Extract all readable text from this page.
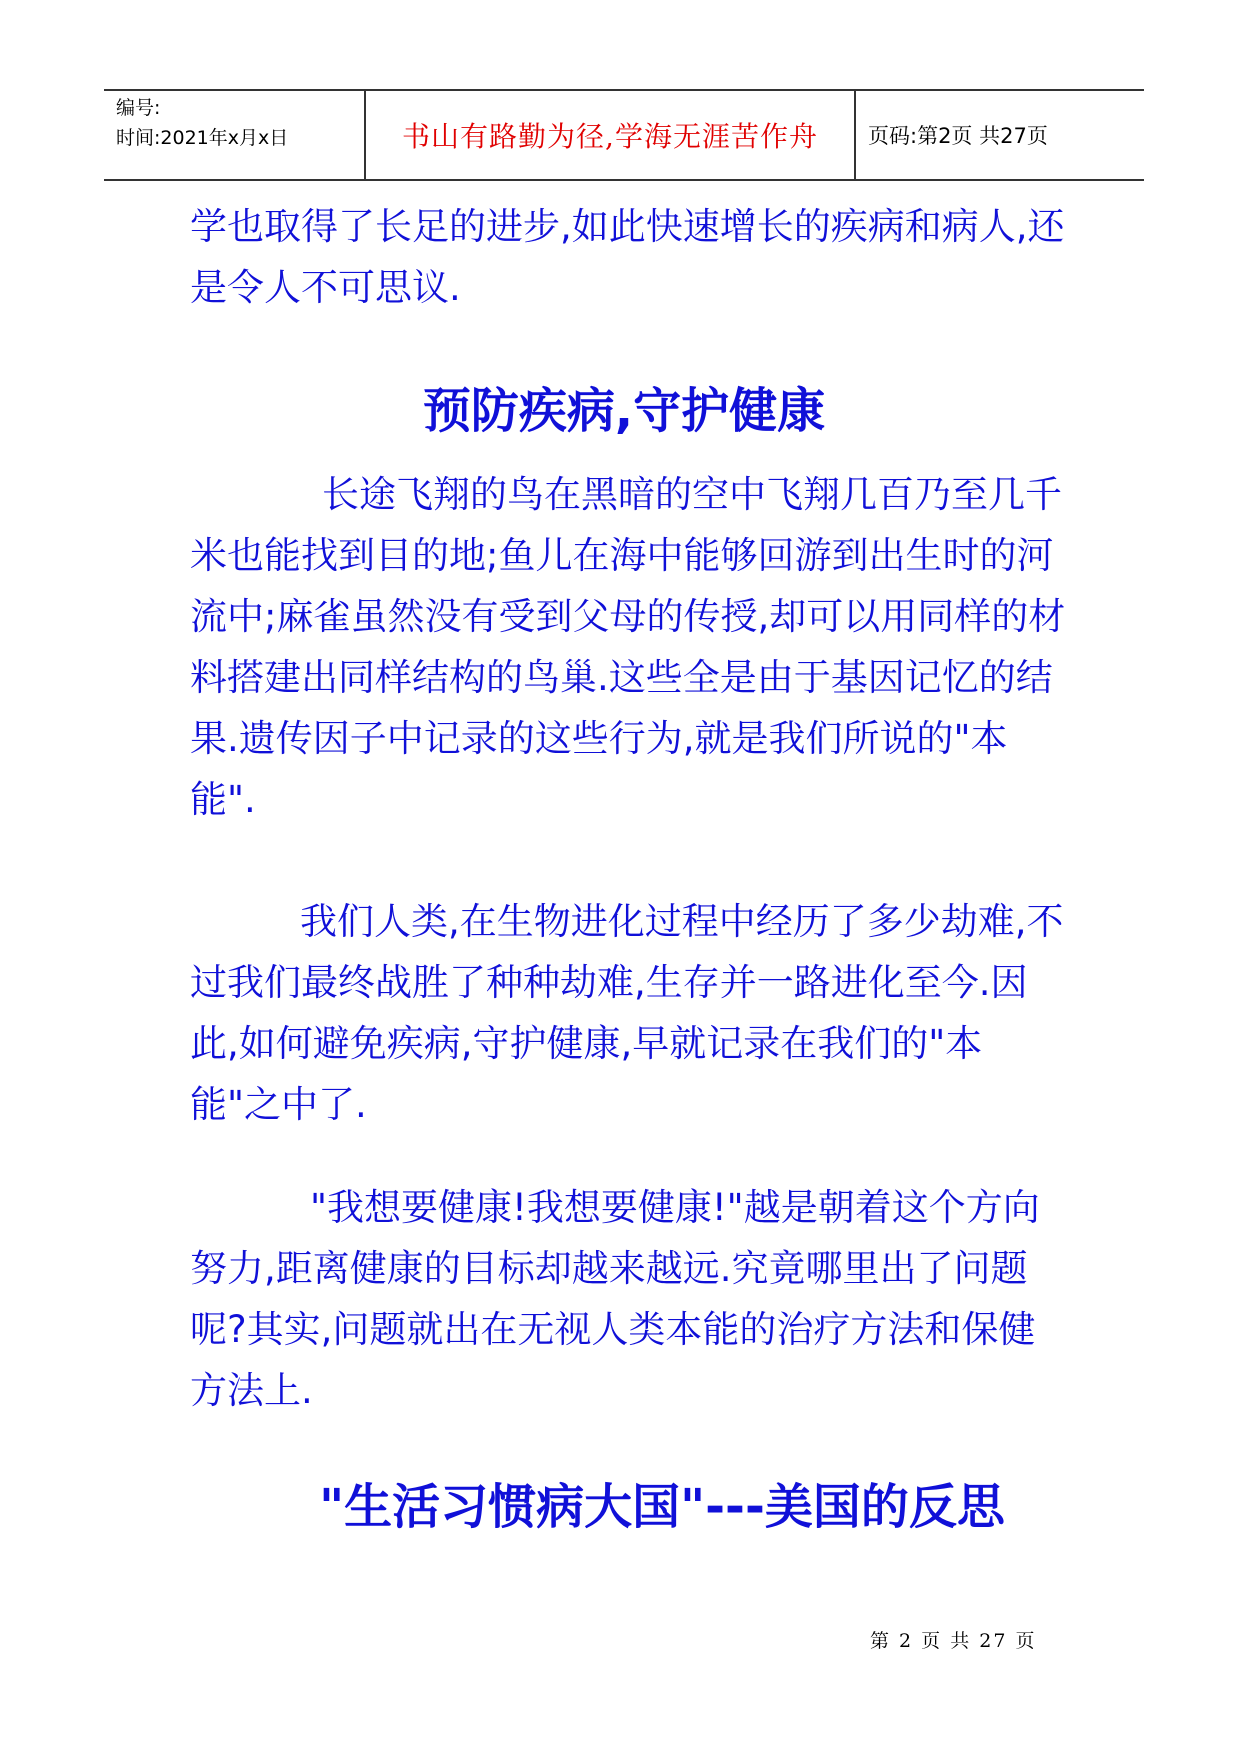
编号:
时间:2021年x月x日	书山有路勤为径,学海无涯苦作舟	页码:第2页 共27页

学也取得了长足的进步,如此快速增长的疾病和病人,还是令人不可思议.

预防疾病,守护健康

长途飞翔的鸟在黑暗的空中飞翔几百乃至几千米也能找到目的地;鱼儿在海中能够回游到出生时的河流中;麻雀虽然没有受到父母的传授,却可以用同样的材料搭建出同样结构的鸟巢.这些全是由于基因记忆的结果.遗传因子中记录的这些行为,就是我们所说的"本能".

我们人类,在生物进化过程中经历了多少劫难,不过我们最终战胜了种种劫难,生存并一路进化至今.因此,如何避免疾病,守护健康,早就记录在我们的"本能"之中了.

"我想要健康!我想要健康!"越是朝着这个方向努力,距离健康的目标却越来越远.究竟哪里出了问题呢?其实,问题就出在无视人类本能的治疗方法和保健方法上.

"生活习惯病大国"---美国的反思
第 2 页 共 27 页
